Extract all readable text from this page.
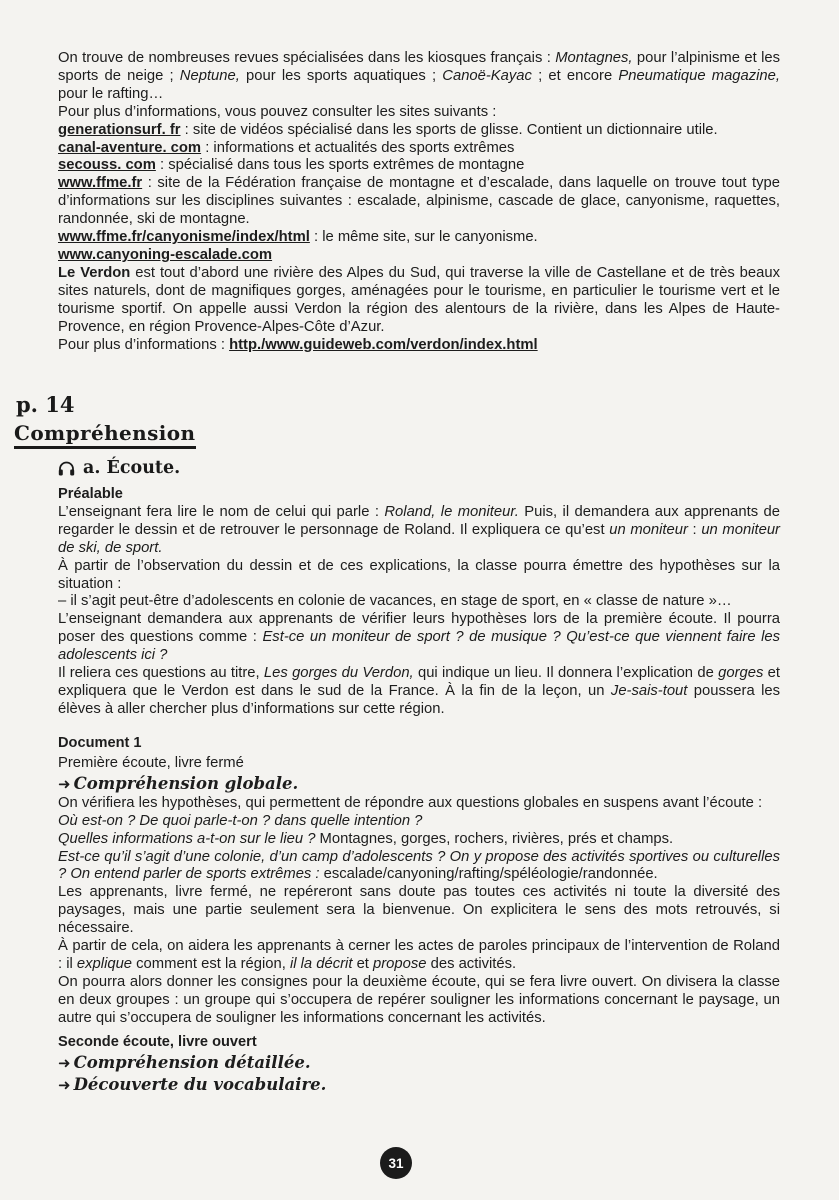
On trouve de nombreuses revues spécialisées dans les kiosques français : Montagnes, pour l’alpinisme et les sports de neige ; Neptune, pour les sports aquatiques ; Canoë-Kayac ; et encore Pneumatique magazine, pour le rafting…

Pour plus d’informations, vous pouvez consulter les sites suivants :

generationsurf. fr : site de vidéos spécialisé dans les sports de glisse. Contient un dictionnaire utile.

canal-aventure. com : informations et actualités des sports extrêmes

secouss. com : spécialisé dans tous les sports extrêmes de montagne

www.ffme.fr : site de la Fédération française de montagne et d’escalade, dans laquelle on trouve tout type d’informations sur les disciplines suivantes : escalade, alpinisme, cascade de glace, canyonisme, raquettes, randonnée, ski de montagne.

www.ffme.fr/canyonisme/index/html : le même site, sur le canyonisme.

www.canyoning-escalade.com

Le Verdon est tout d’abord une rivière des Alpes du Sud, qui traverse la ville de Castellane et de très beaux sites naturels, dont de magnifiques gorges, aménagées pour le tourisme, en particulier le tourisme vert et le tourisme sportif. On appelle aussi Verdon la région des alentours de la rivière, dans les Alpes de Haute-Provence, en région Provence-Alpes-Côte d’Azur.

Pour plus d’informations : http./www.guideweb.com/verdon/index.html

p. 14
Compréhension
a. Écoute.

Préalable

L’enseignant fera lire le nom de celui qui parle : Roland, le moniteur. Puis, il demandera aux apprenants de regarder le dessin et de retrouver le personnage de Roland. Il expliquera ce qu’est un moniteur : un moniteur de ski, de sport.

À partir de l’observation du dessin et de ces explications, la classe pourra émettre des hypothèses sur la situation :

– il s’agit peut-être d’adolescents en colonie de vacances, en stage de sport, en « classe de nature »…

L’enseignant demandera aux apprenants de vérifier leurs hypothèses lors de la première écoute. Il pourra poser des questions comme : Est-ce un moniteur de sport ? de musique ? Qu’est-ce que viennent faire les adolescents ici ?

Il reliera ces questions au titre, Les gorges du Verdon, qui indique un lieu. Il donnera l’explication de gorges et expliquera que le Verdon est dans le sud de la France. À la fin de la leçon, un Je-sais-tout poussera les élèves à aller chercher plus d’informations sur cette région.

Document 1

Première écoute, livre fermé

➜ Compréhension globale.

On vérifiera les hypothèses, qui permettent de répondre aux questions globales en suspens avant l’écoute :

Où est-on ? De quoi parle-t-on ? dans quelle intention ?

Quelles informations a-t-on sur le lieu ? Montagnes, gorges, rochers, rivières, prés et champs.

Est-ce qu’il s’agit d’une colonie, d’un camp d’adolescents ? On y propose des activités sportives ou culturelles ? On entend parler de sports extrêmes : escalade/canyoning/rafting/spéléologie/randonnée.

Les apprenants, livre fermé, ne repéreront sans doute pas toutes ces activités ni toute la diversité des paysages, mais une partie seulement sera la bienvenue. On explicitera le sens des mots retrouvés, si nécessaire.

À partir de cela, on aidera les apprenants à cerner les actes de paroles principaux de l’intervention de Roland : il explique comment est la région, il la décrit et propose des activités.

On pourra alors donner les consignes pour la deuxième écoute, qui se fera livre ouvert. On divisera la classe en deux groupes : un groupe qui s’occupera de repérer souligner les informations concernant le paysage, un autre qui s’occupera de souligner les informations concernant les activités.

Seconde écoute, livre ouvert

➜ Compréhension détaillée.

➜ Découverte du vocabulaire.

31
